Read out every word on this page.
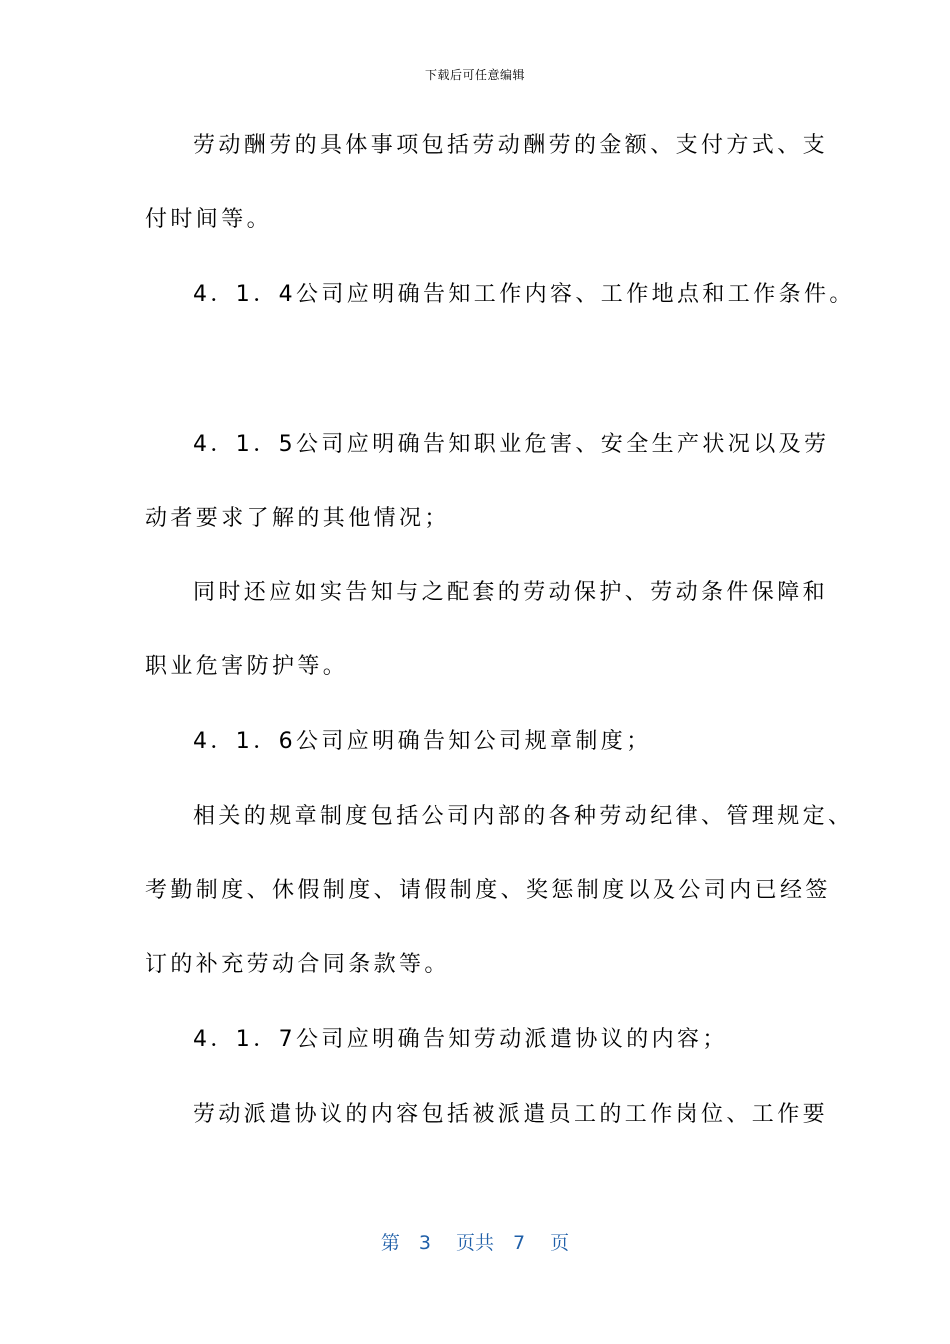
下载后可任意编辑
劳动酬劳的具体事项包括劳动酬劳的金额、支付方式、支
付时间等。
4．1．4公司应明确告知工作内容、工作地点和工作条件。
4．1．5公司应明确告知职业危害、安全生产状况以及劳
动者要求了解的其他情况；
同时还应如实告知与之配套的劳动保护、劳动条件保障和
职业危害防护等。
4．1．6公司应明确告知公司规章制度；
相关的规章制度包括公司内部的各种劳动纪律、管理规定、
考勤制度、休假制度、请假制度、奖惩制度以及公司内已经签
订的补充劳动合同条款等。
4．1．7公司应明确告知劳动派遣协议的内容；
劳动派遣协议的内容包括被派遣员工的工作岗位、工作要
第　3　 页共　7　 页
